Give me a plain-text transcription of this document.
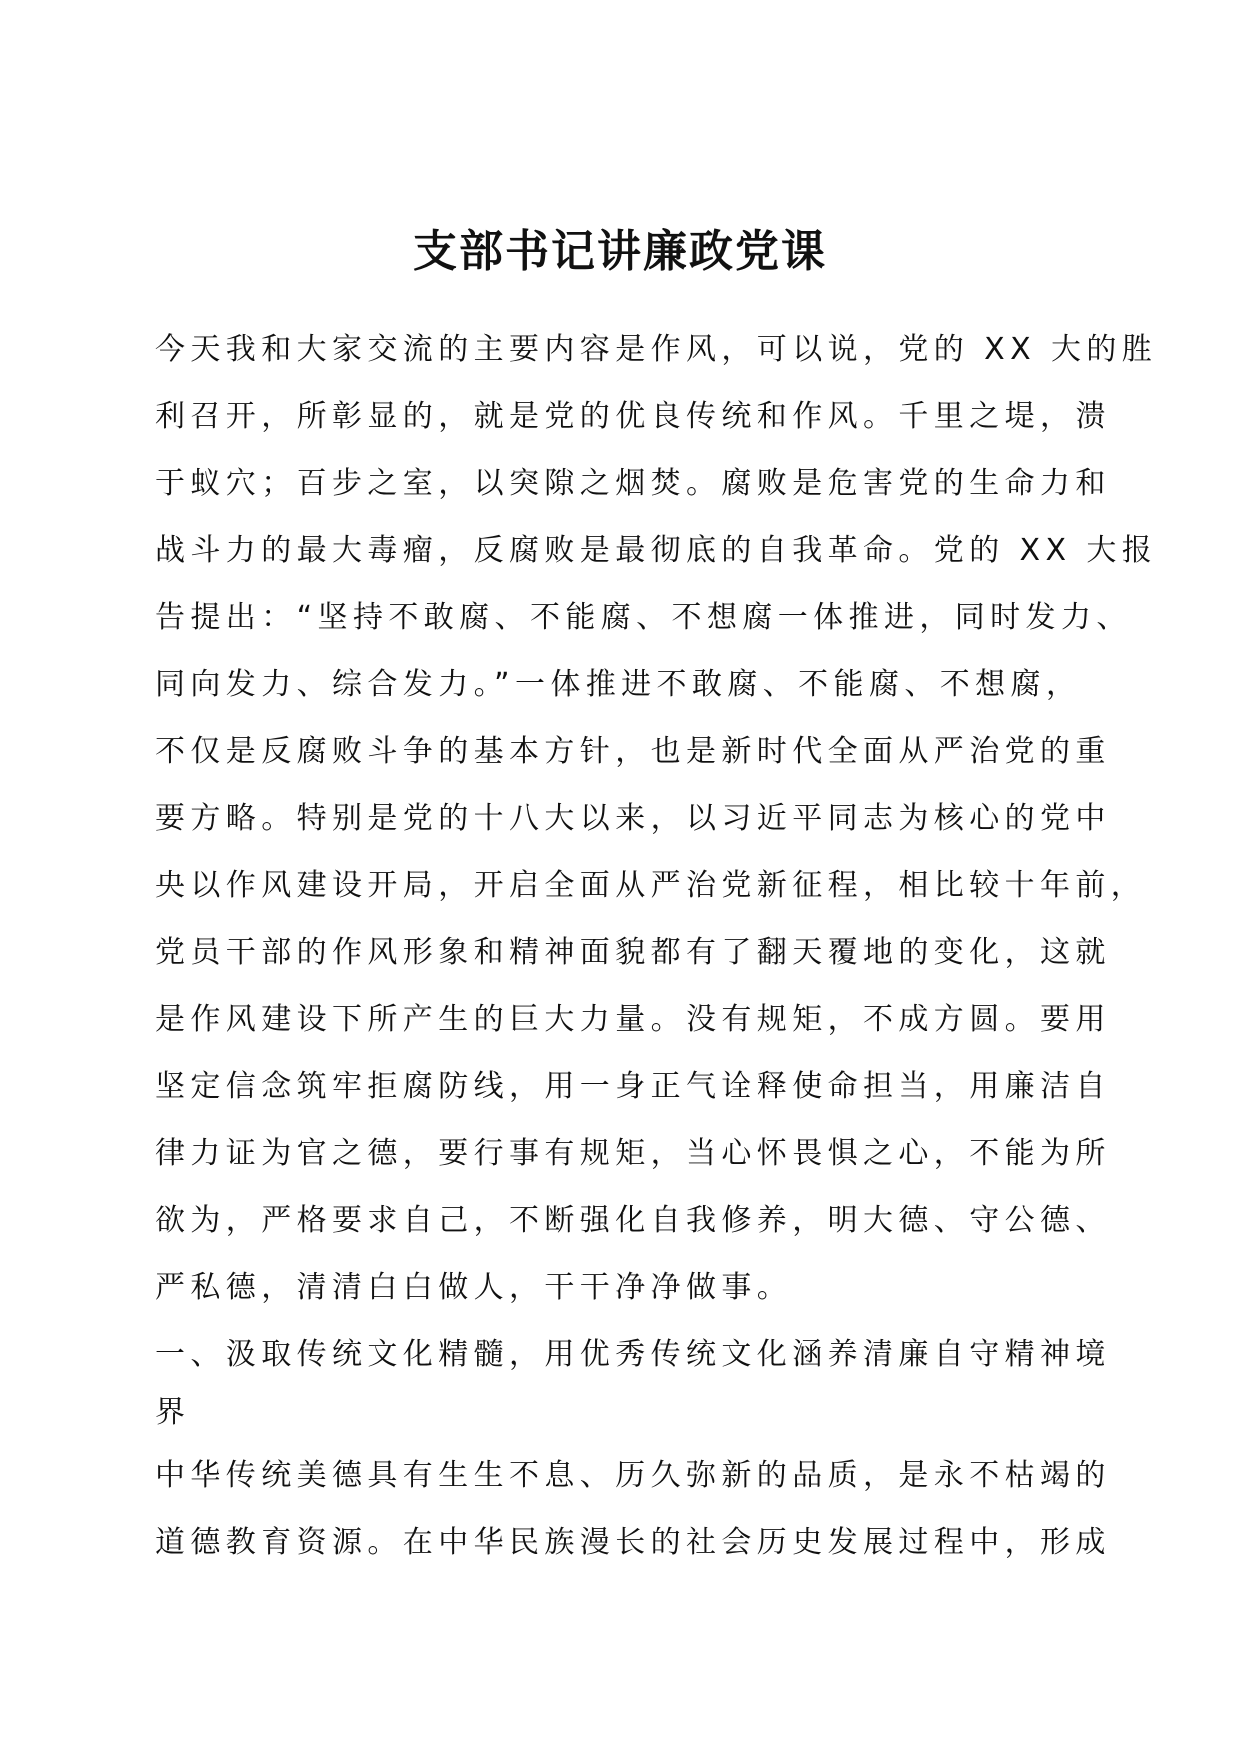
支部书记讲廉政党课
今天我和大家交流的主要内容是作风，可以说，党的 XX 大的胜
利召开，所彰显的，就是党的优良传统和作风。千里之堤，溃
于蚁穴；百步之室，以突隙之烟焚。腐败是危害党的生命力和
战斗力的最大毒瘤，反腐败是最彻底的自我革命。党的 XX 大报
告提出：“坚持不敢腐、不能腐、不想腐一体推进，同时发力、
同向发力、综合发力。”一体推进不敢腐、不能腐、不想腐，
不仅是反腐败斗争的基本方针，也是新时代全面从严治党的重
要方略。特别是党的十八大以来，以习近平同志为核心的党中
央以作风建设开局，开启全面从严治党新征程，相比较十年前，
党员干部的作风形象和精神面貌都有了翻天覆地的变化，这就
是作风建设下所产生的巨大力量。没有规矩，不成方圆。要用
坚定信念筑牢拒腐防线，用一身正气诠释使命担当，用廉洁自
律力证为官之德，要行事有规矩，当心怀畏惧之心，不能为所
欲为，严格要求自己，不断强化自我修养，明大德、守公德、
严私德，清清白白做人，干干净净做事。
一、汲取传统文化精髓，用优秀传统文化涵养清廉自守精神境
界
中华传统美德具有生生不息、历久弥新的品质，是永不枯竭的
道德教育资源。在中华民族漫长的社会历史发展过程中，形成
